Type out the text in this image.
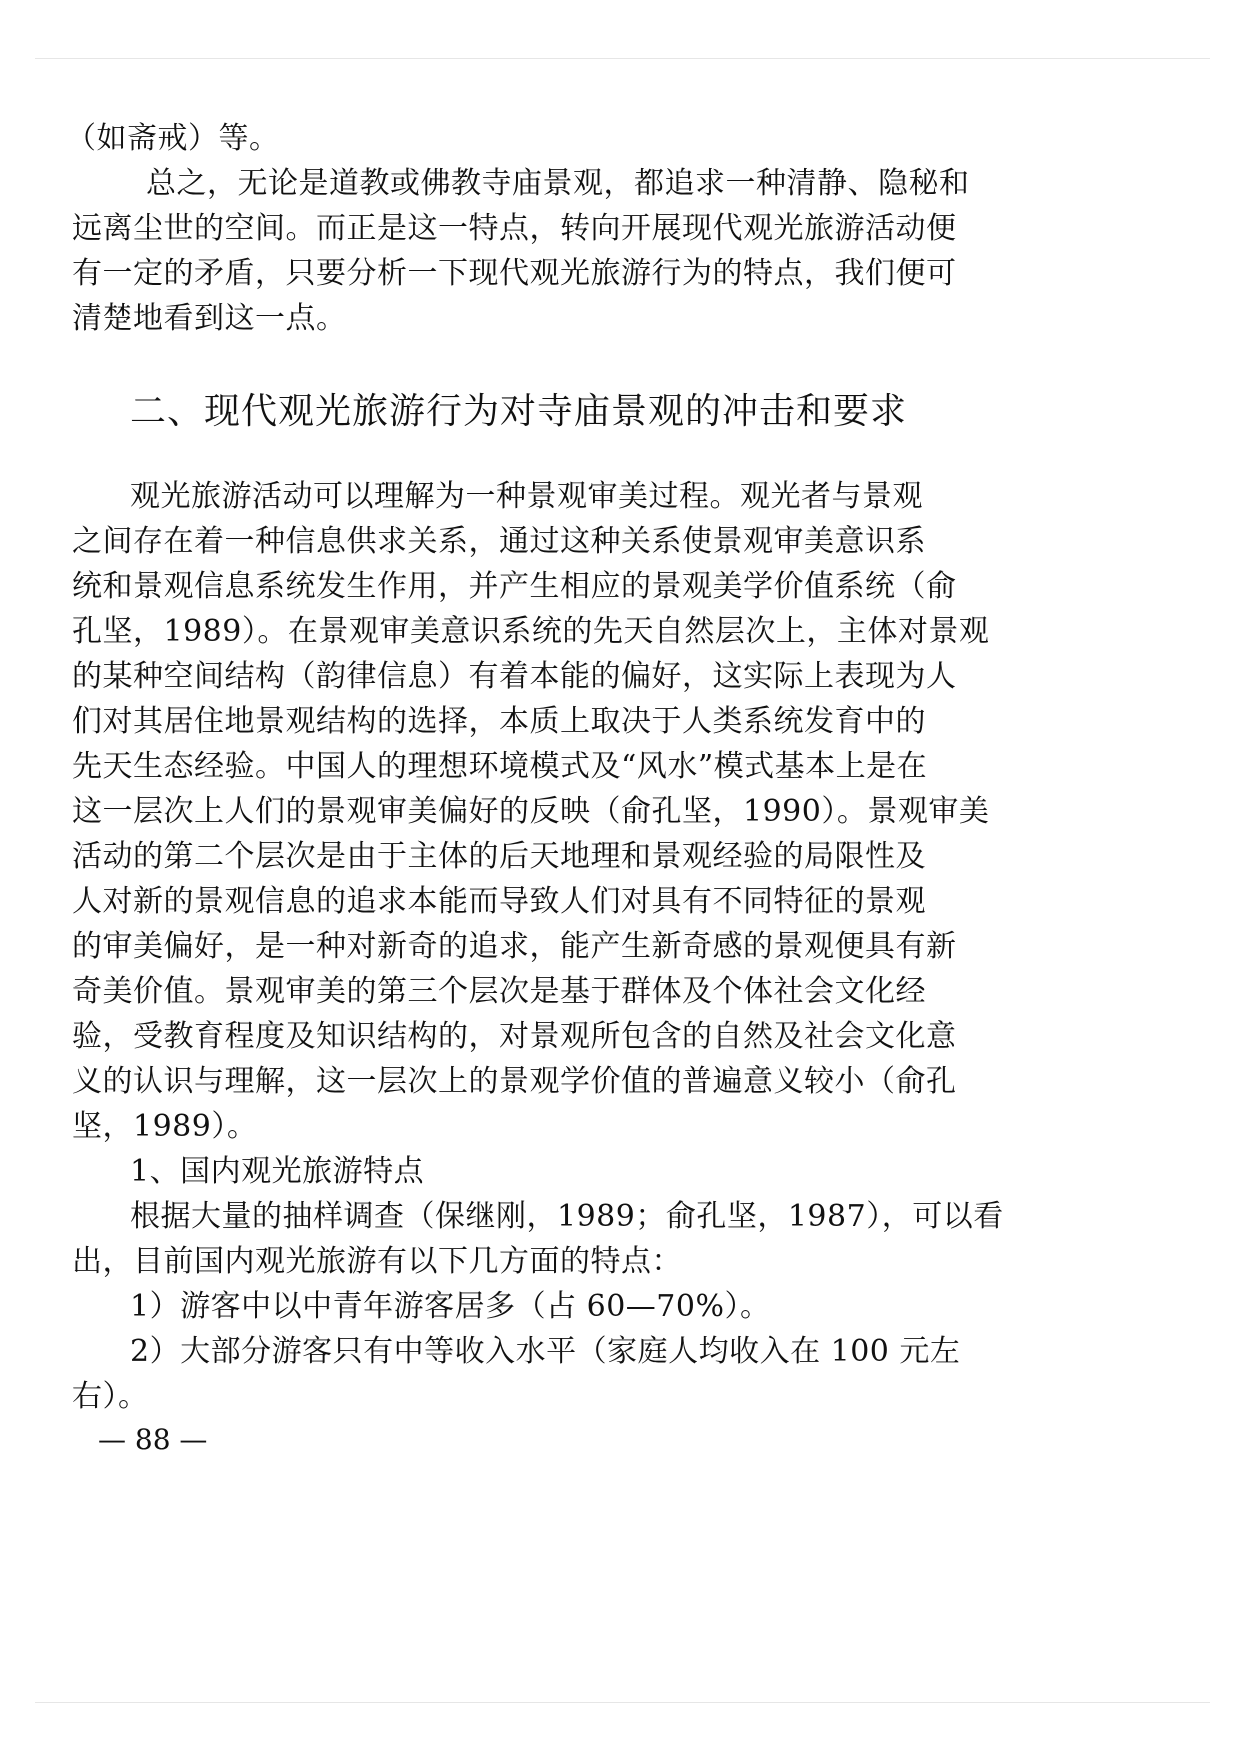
（如斋戒）等。
总之，无论是道教或佛教寺庙景观，都追求一种清静、隐秘和
远离尘世的空间。而正是这一特点，转向开展现代观光旅游活动便
有一定的矛盾，只要分析一下现代观光旅游行为的特点，我们便可
清楚地看到这一点。
二、现代观光旅游行为对寺庙景观的冲击和要求
观光旅游活动可以理解为一种景观审美过程。观光者与景观
之间存在着一种信息供求关系，通过这种关系使景观审美意识系
统和景观信息系统发生作用，并产生相应的景观美学价值系统（俞
孔坚，1989）。在景观审美意识系统的先天自然层次上，主体对景观
的某种空间结构（韵律信息）有着本能的偏好，这实际上表现为人
们对其居住地景观结构的选择，本质上取决于人类系统发育中的
先天生态经验。中国人的理想环境模式及“风水”模式基本上是在
这一层次上人们的景观审美偏好的反映（俞孔坚，1990）。景观审美
活动的第二个层次是由于主体的后天地理和景观经验的局限性及
人对新的景观信息的追求本能而导致人们对具有不同特征的景观
的审美偏好，是一种对新奇的追求，能产生新奇感的景观便具有新
奇美价值。景观审美的第三个层次是基于群体及个体社会文化经
验，受教育程度及知识结构的，对景观所包含的自然及社会文化意
义的认识与理解，这一层次上的景观学价值的普遍意义较小（俞孔
坚，1989）。
1、国内观光旅游特点
根据大量的抽样调查（保继刚，1989；俞孔坚，1987），可以看
出，目前国内观光旅游有以下几方面的特点：
1）游客中以中青年游客居多（占 60—70%）。
2）大部分游客只有中等收入水平（家庭人均收入在 100 元左
右）。
— 88 —
